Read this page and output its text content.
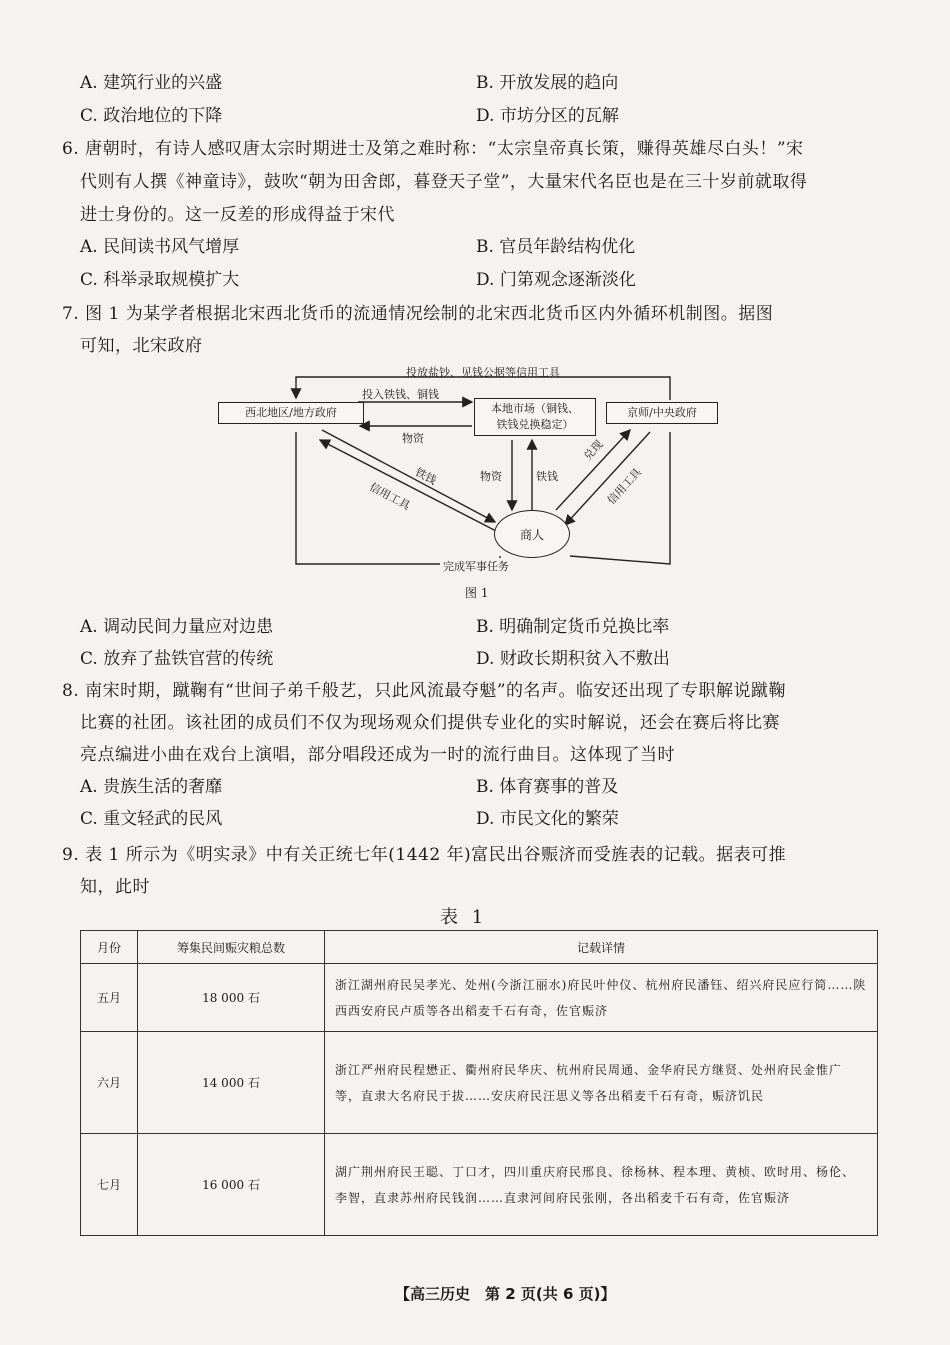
A. 建筑行业的兴盛	B. 开放发展的趋向
C. 政治地位的下降	D. 市坊分区的瓦解
6. 唐朝时，有诗人感叹唐太宗时期进士及第之难时称：“太宗皇帝真长策，赚得英雄尽白头！”宋
代则有人撰《神童诗》，鼓吹“朝为田舍郎，暮登天子堂”，大量宋代名臣也是在三十岁前就取得
进士身份的。这一反差的形成得益于宋代
A. 民间读书风气增厚	B. 官员年龄结构优化
C. 科举录取规模扩大	D. 门第观念逐渐淡化
7. 图 1 为某学者根据北宋西北货币的流通情况绘制的北宋西北货币区内外循环机制图。据图
可知，北宋政府
西北地区/地方政府	本地市场（铜钱、
铁钱兑换稳定）
京师/中央政府
商人
投放盐钞、见钱公据等信用工具
投入铁钱、铜钱
物资
铁钱
信用工具
物资	铁钱
兑现
信用工具
完成军事任务
图 1
A. 调动民间力量应对边患	B. 明确制定货币兑换比率
C. 放弃了盐铁官营的传统	D. 财政长期积贫入不敷出
8. 南宋时期，蹴鞠有“世间子弟千般艺，只此风流最夺魁”的名声。临安还出现了专职解说蹴鞠
比赛的社团。该社团的成员们不仅为现场观众们提供专业化的实时解说，还会在赛后将比赛
亮点编进小曲在戏台上演唱，部分唱段还成为一时的流行曲目。这体现了当时
A. 贵族生活的奢靡	B. 体育赛事的普及
C. 重文轻武的民风	D. 市民文化的繁荣
9. 表 1 所示为《明实录》中有关正统七年(1442 年)富民出谷赈济而受旌表的记载。据表可推
知，此时
表 1
月份	筹集民间赈灾粮总数	记载详情
五月	18 000 石	浙江湖州府民吴孝光、处州(今浙江丽水)府民叶仲仪、杭州府民潘钰、绍兴府民应行简……陕西西安府民卢质等各出稻麦千石有奇，佐官赈济
六月	14 000 石	浙江严州府民程懋正、衢州府民华庆、杭州府民周通、金华府民方继贤、处州府民金惟广等，直隶大名府民于拔……安庆府民汪思义等各出稻麦千石有奇，赈济饥民
七月	16 000 石	湖广荆州府民王聪、丁口才，四川重庆府民邢良、徐杨林、程本理、黄桢、欧时用、杨伦、李智，直隶苏州府民钱润……直隶河间府民张刚，各出稻麦千石有奇，佐官赈济
【高三历史　第 2 页(共 6 页)】
